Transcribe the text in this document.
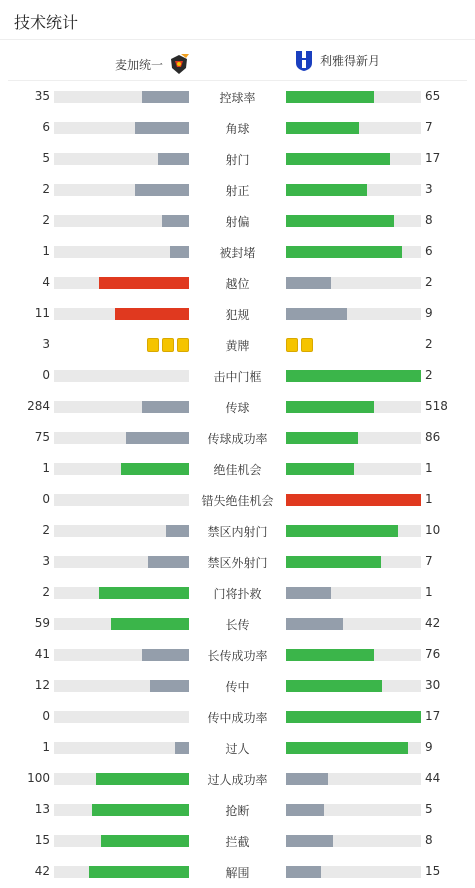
技术统计
麦加统一	利雅得新月
35	控球率	65
6	角球	7
5	射门	17
2	射正	3
2	射偏	8
1	被封堵	6
4	越位	2
11	犯规	9
3	黄牌	2
0	击中门框	2
284	传球	518
75	传球成功率	86
1	绝佳机会	1
0	错失绝佳机会	1
2	禁区内射门	10
3	禁区外射门	7
2	门将扑救	1
59	长传	42
41	长传成功率	76
12	传中	30
0	传中成功率	17
1	过人	9
100	过人成功率	44
13	抢断	5
15	拦截	8
42	解围	15
